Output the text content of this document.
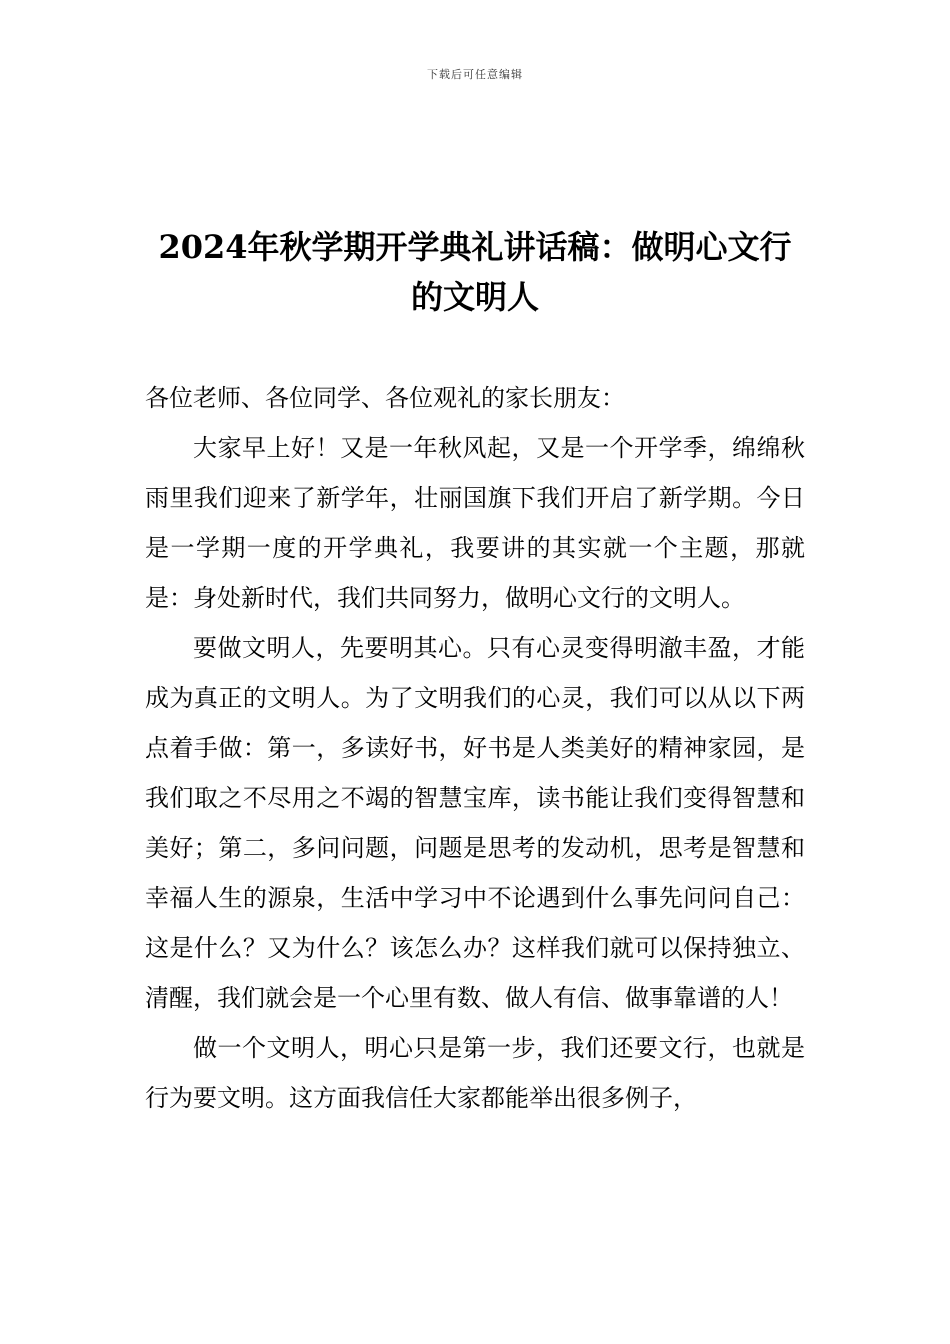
下载后可任意编辑
2024年秋学期开学典礼讲话稿：做明心文行的文明人

各位老师、各位同学、各位观礼的家长朋友：

大家早上好！又是一年秋风起，又是一个开学季，绵绵秋雨里我们迎来了新学年，壮丽国旗下我们开启了新学期。今日是一学期一度的开学典礼，我要讲的其实就一个主题，那就是：身处新时代，我们共同努力，做明心文行的文明人。

要做文明人，先要明其心。只有心灵变得明澈丰盈，才能成为真正的文明人。为了文明我们的心灵，我们可以从以下两点着手做：第一，多读好书，好书是人类美好的精神家园，是我们取之不尽用之不竭的智慧宝库，读书能让我们变得智慧和美好；第二，多问问题，问题是思考的发动机，思考是智慧和幸福人生的源泉，生活中学习中不论遇到什么事先问问自己：这是什么？又为什么？该怎么办？这样我们就可以保持独立、清醒，我们就会是一个心里有数、做人有信、做事靠谱的人！

做一个文明人，明心只是第一步，我们还要文行，也就是行为要文明。这方面我信任大家都能举出很多例子，
